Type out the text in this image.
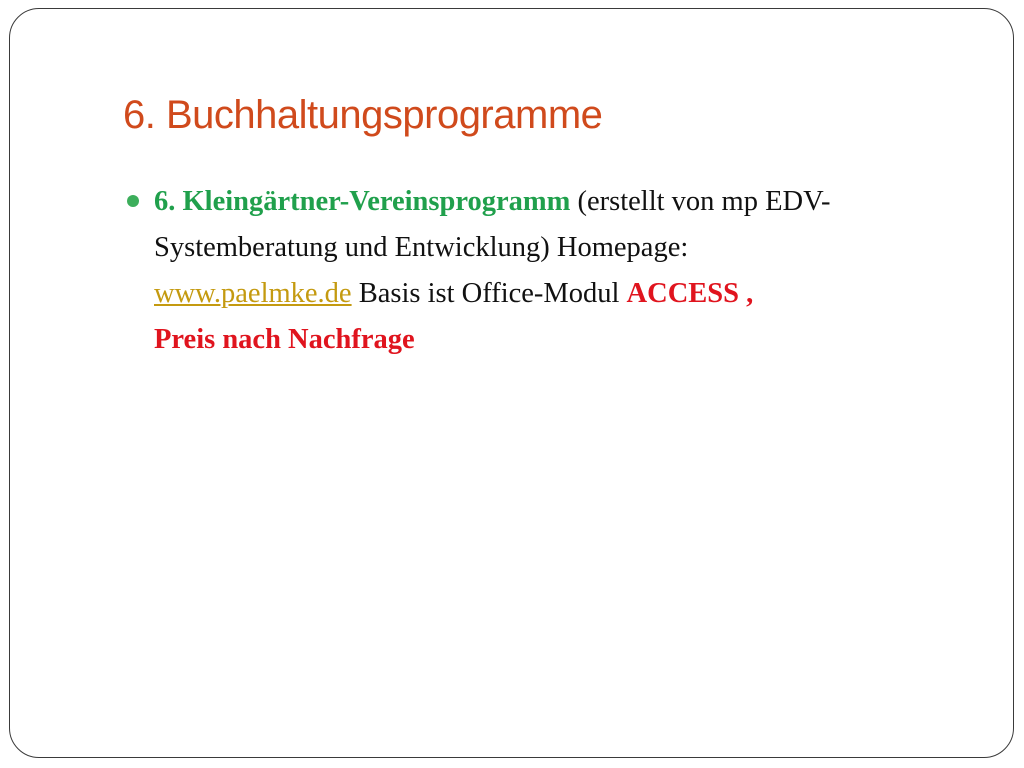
6. Buchhaltungsprogramme
6. Kleingärtner-Vereinsprogramm (erstellt von mp EDV-Systemberatung und Entwicklung) Homepage:
www.paelmke.de Basis ist Office-Modul ACCESS ,
Preis nach Nachfrage
